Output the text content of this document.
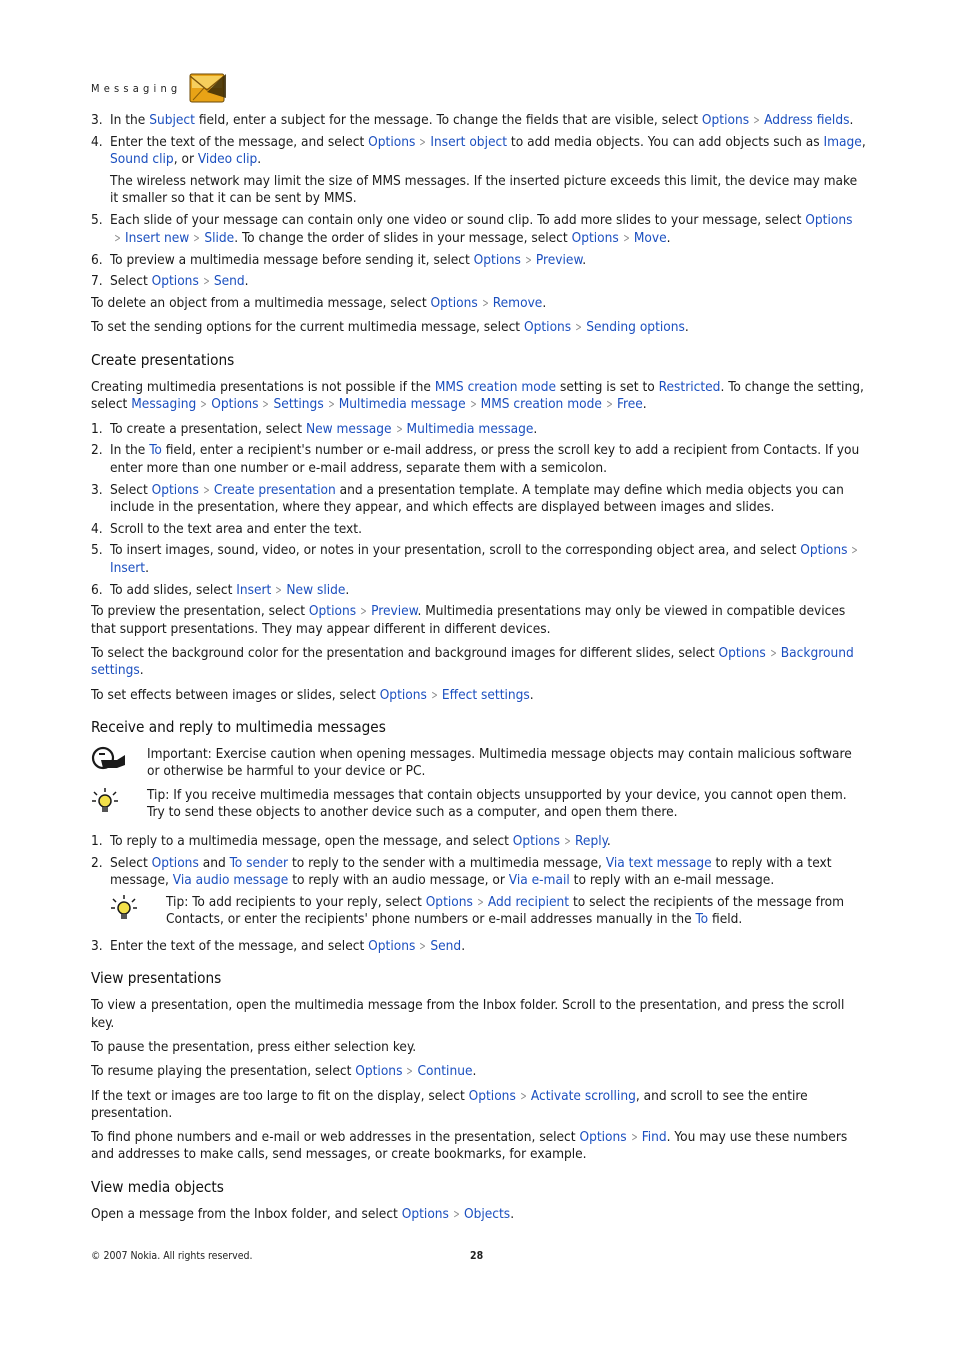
Messaging
3. In the Subject field, enter a subject for the message. To change the fields that are visible, select Options > Address fields.
4. Enter the text of the message, and select Options > Insert object to add media objects. You can add objects such as Image, Sound clip, or Video clip.

The wireless network may limit the size of MMS messages. If the inserted picture exceeds this limit, the device may make it smaller so that it can be sent by MMS.

5. Each slide of your message can contain only one video or sound clip. To add more slides to your message, select Options> Insert new > Slide. To change the order of slides in your message, select Options > Move.
6. To preview a multimedia message before sending it, select Options > Preview.
7. Select Options > Send.

To delete an object from a multimedia message, select Options > Remove.

To set the sending options for the current multimedia message, select Options > Sending options.

Create presentations

Creating multimedia presentations is not possible if the MMS creation mode setting is set to Restricted. To change the setting, select Messaging > Options > Settings > Multimedia message > MMS creation mode > Free.

1. To create a presentation, select New message > Multimedia message.
2. In the To field, enter a recipient's number or e-mail address, or press the scroll key to add a recipient from Contacts. If you enter more than one number or e-mail address, separate them with a semicolon.
3. Select Options > Create presentation and a presentation template. A template may define which media objects you can include in the presentation, where they appear, and which effects are displayed between images and slides.
4. Scroll to the text area and enter the text.
5. To insert images, sound, video, or notes in your presentation, scroll to the corresponding object area, and select Options >Insert.
6. To add slides, select Insert > New slide.

To preview the presentation, select Options > Preview. Multimedia presentations may only be viewed in compatible devices that support presentations. They may appear different in different devices.

To select the background color for the presentation and background images for different slides, select Options > Background settings.

To set effects between images or slides, select Options > Effect settings.

Receive and reply to multimedia messages
Important: Exercise caution when opening messages. Multimedia message objects may contain malicious software or otherwise be harmful to your device or PC.
Tip: If you receive multimedia messages that contain objects unsupported by your device, you cannot open them. Try to send these objects to another device such as a computer, and open them there.
1. To reply to a multimedia message, open the message, and select Options > Reply.
2. Select Options and To sender to reply to the sender with a multimedia message, Via text message to reply with a text message, Via audio message to reply with an audio message, or Via e-mail to reply with an e-mail message.
Tip: To add recipients to your reply, select Options > Add recipient to select the recipients of the message from Contacts, or enter the recipients' phone numbers or e-mail addresses manually in the To field.
3. Enter the text of the message, and select Options > Send.
View presentations

To view a presentation, open the multimedia message from the Inbox folder. Scroll to the presentation, and press the scroll key.

To pause the presentation, press either selection key.

To resume playing the presentation, select Options > Continue.

If the text or images are too large to fit on the display, select Options > Activate scrolling, and scroll to see the entire presentation.

To find phone numbers and e-mail or web addresses in the presentation, select Options > Find. You may use these numbers and addresses to make calls, send messages, or create bookmarks, for example.

View media objects

Open a message from the Inbox folder, and select Options > Objects.

© 2007 Nokia. All rights reserved.	28
